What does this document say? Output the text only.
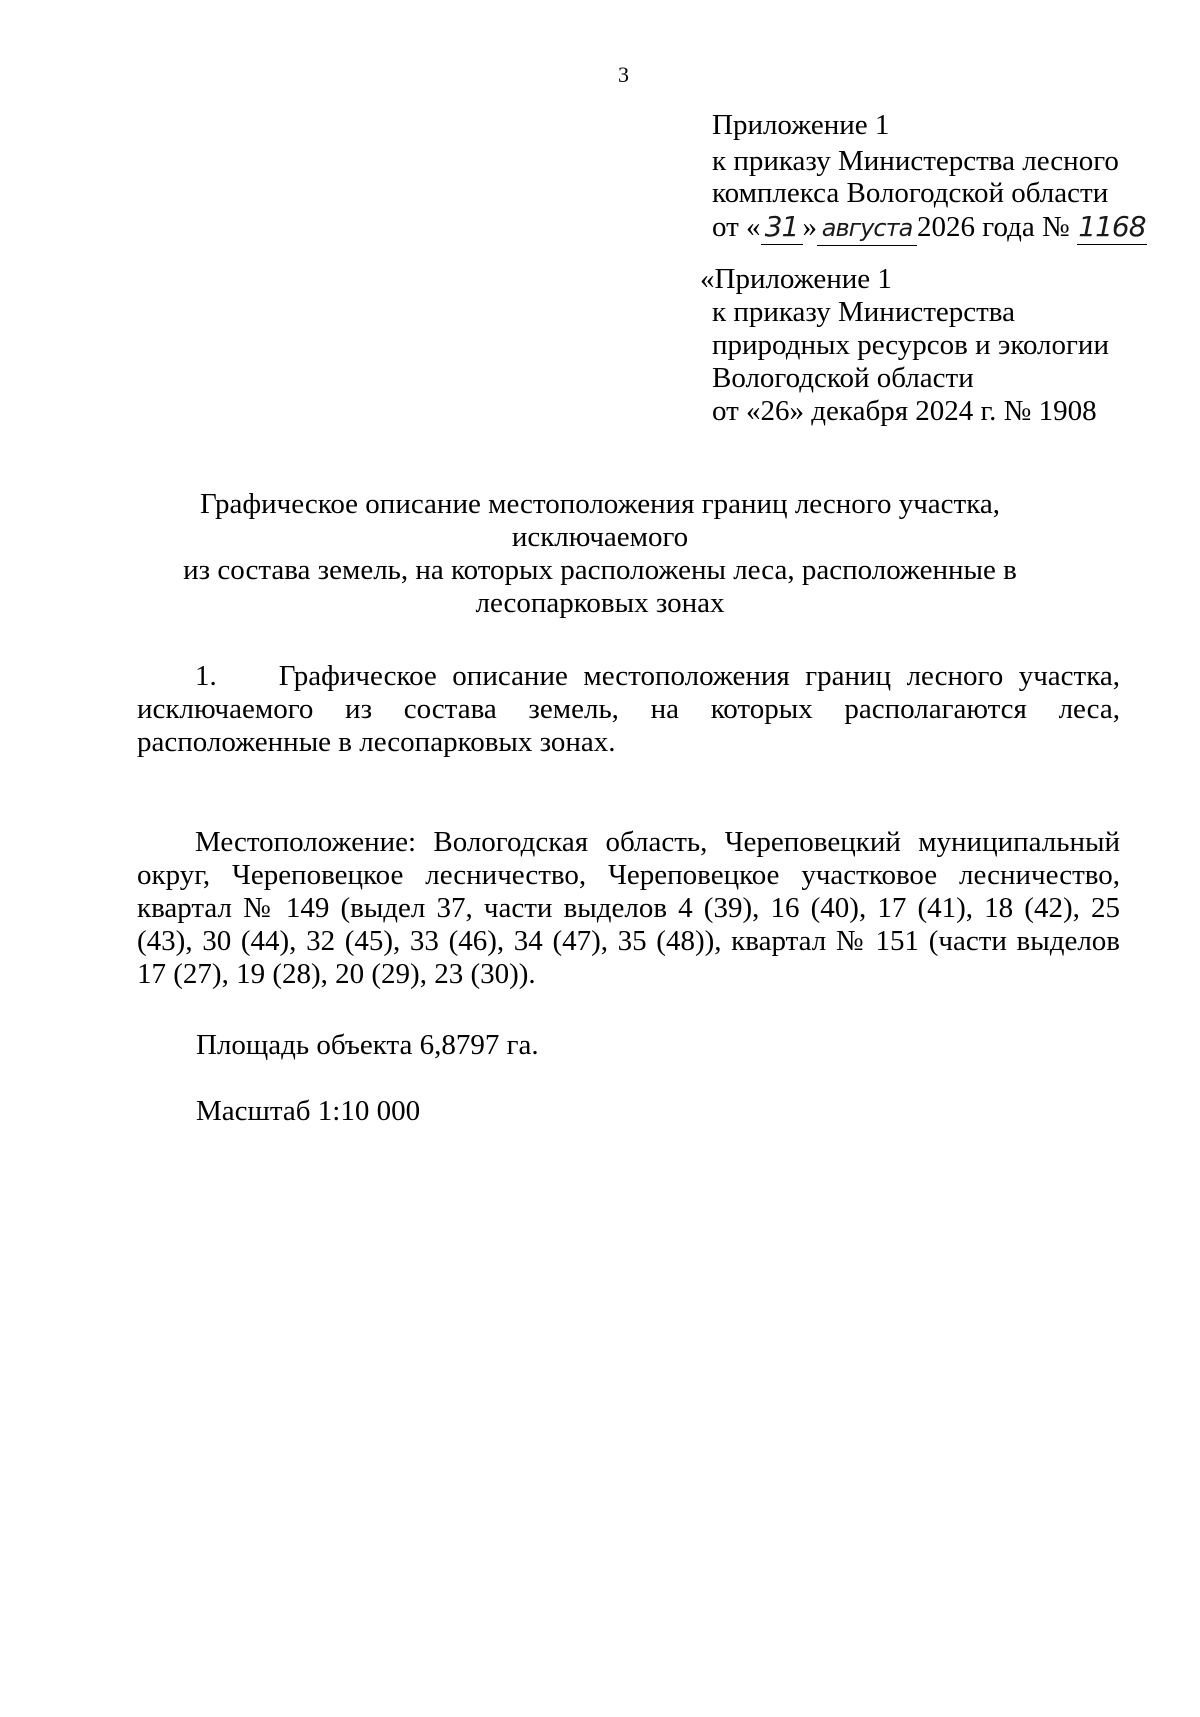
3
Приложение 1
к приказу Министерства лесного
комплекса Вологодской области
от « 31 » августа 2026 года № 1168
«Приложение 1
к приказу Министерства
природных ресурсов и экологии
Вологодской области
от «26» декабря 2024 г. № 1908
Графическое описание местоположения границ лесного участка, исключаемого
из состава земель, на которых расположены леса, расположенные в
лесопарковых зонах
1.    Графическое описание местоположения границ лесного участка,
исключаемого из состава земель, на которых располагаются леса,
расположенные в лесопарковых зонах.
Местоположение: Вологодская область, Череповецкий муниципальный
округ, Череповецкое лесничество, Череповецкое участковое лесничество,
квартал № 149 (выдел 37, части выделов 4 (39), 16 (40), 17 (41), 18 (42), 25
(43), 30 (44), 32 (45), 33 (46), 34 (47), 35 (48)), квартал № 151 (части выделов
17 (27), 19 (28), 20 (29), 23 (30)).
Площадь объекта 6,8797 га.
Масштаб 1:10 000
